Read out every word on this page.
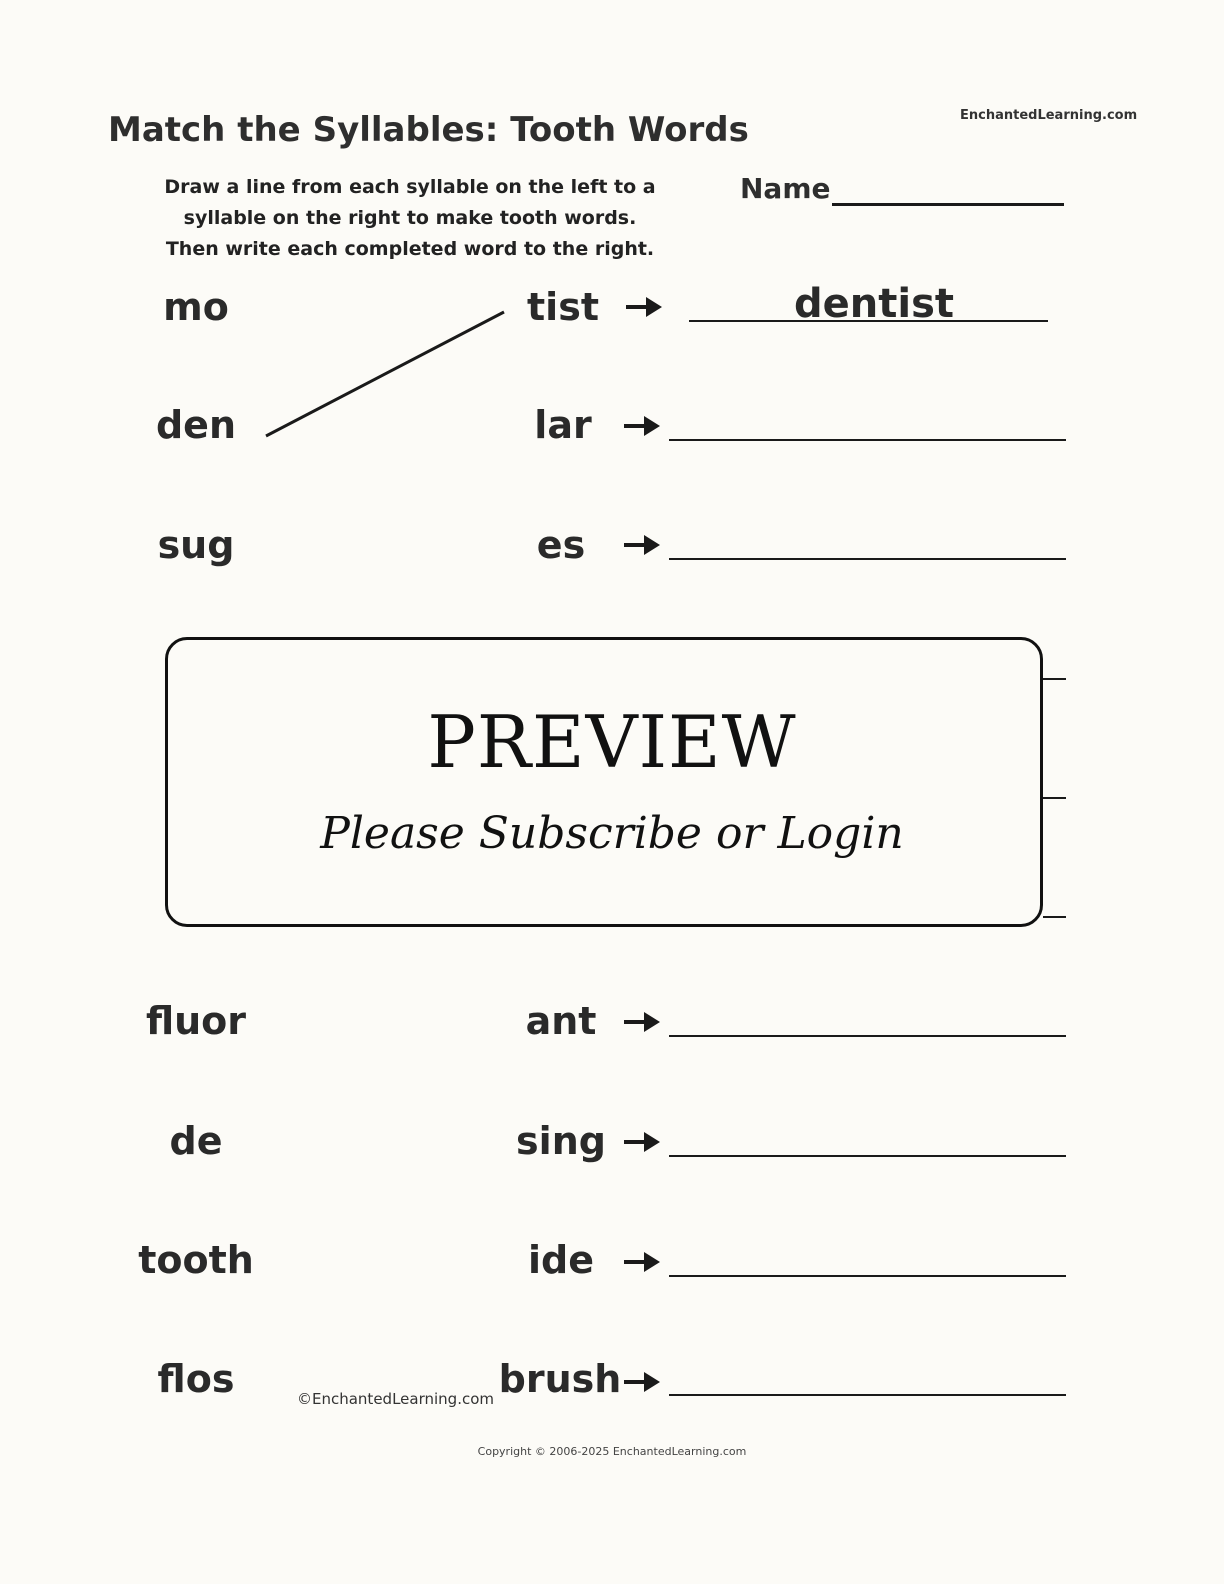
EnchantedLearning.com
Match the Syllables: Tooth Words
Draw a line from each syllable on the left to a
syllable on the right to make tooth words.
Then write each completed word to the right.
Name
mo	tist	dentist
den	lar
sug	es
PREVIEW
Please Subscribe or Login
fluor	ant
de	sing
tooth	ide
flos	brush
©EnchantedLearning.com
Copyright © 2006-2025 EnchantedLearning.com
